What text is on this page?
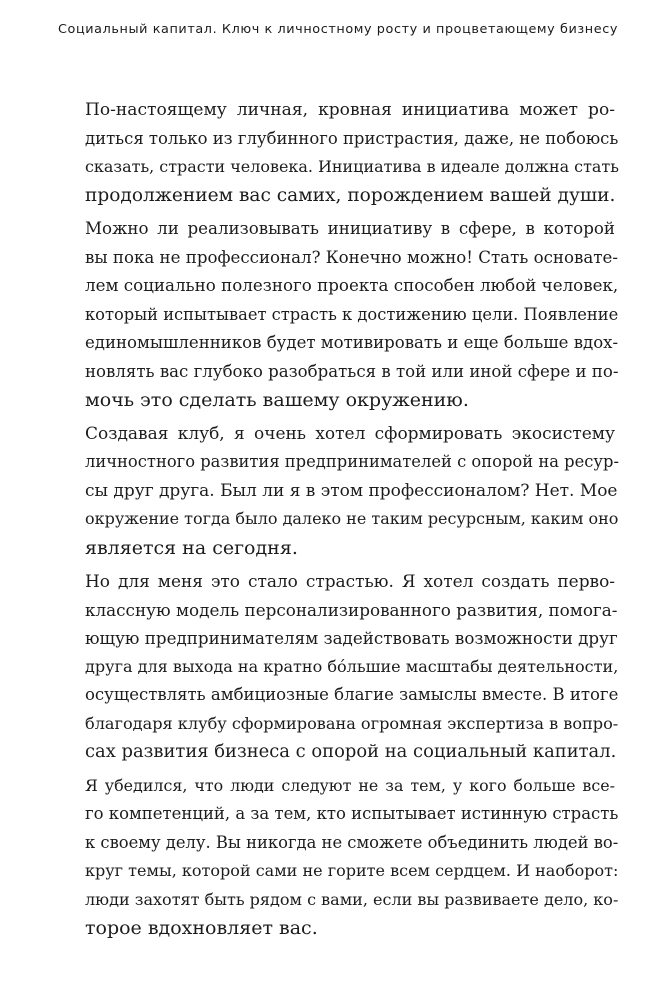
Социальный капитал. Ключ к личностному росту и процветающему бизнесу

По-настоящему личная, кровная инициатива может ро-
диться только из глубинного пристрастия, даже, не побоюсь
сказать, страсти человека. Инициатива в идеале должна стать
продолжением вас самих, порождением вашей души.

Можно ли реализовывать инициативу в сфере, в которой
вы пока не профессионал? Конечно можно! Стать основате-
лем социально полезного проекта способен любой человек,
который испытывает страсть к достижению цели. Появление
единомышленников будет мотивировать и еще больше вдох-
новлять вас глубоко разобраться в той или иной сфере и по-
мочь это сделать вашему окружению.

Создавая клуб, я очень хотел сформировать экосистему
личностного развития предпринимателей с опорой на ресур-
сы друг друга. Был ли я в этом профессионалом? Нет. Мое
окружение тогда было далеко не таким ресурсным, каким оно
является на сегодня.

Но для меня это стало страстью. Я хотел создать перво-
классную модель персонализированного развития, помога-
ющую предпринимателям задействовать возможности друг
друга для выхода на кратно бóльшие масштабы деятельности,
осуществлять амбициозные благие замыслы вместе. В итоге
благодаря клубу сформирована огромная экспертиза в вопро-
сах развития бизнеса с опорой на социальный капитал.

Я убедился, что люди следуют не за тем, у кого больше все-
го компетенций, а за тем, кто испытывает истинную страсть
к своему делу. Вы никогда не сможете объединить людей во-
круг темы, которой сами не горите всем сердцем. И наоборот:
люди захотят быть рядом с вами, если вы развиваете дело, ко-
торое вдохновляет вас.
